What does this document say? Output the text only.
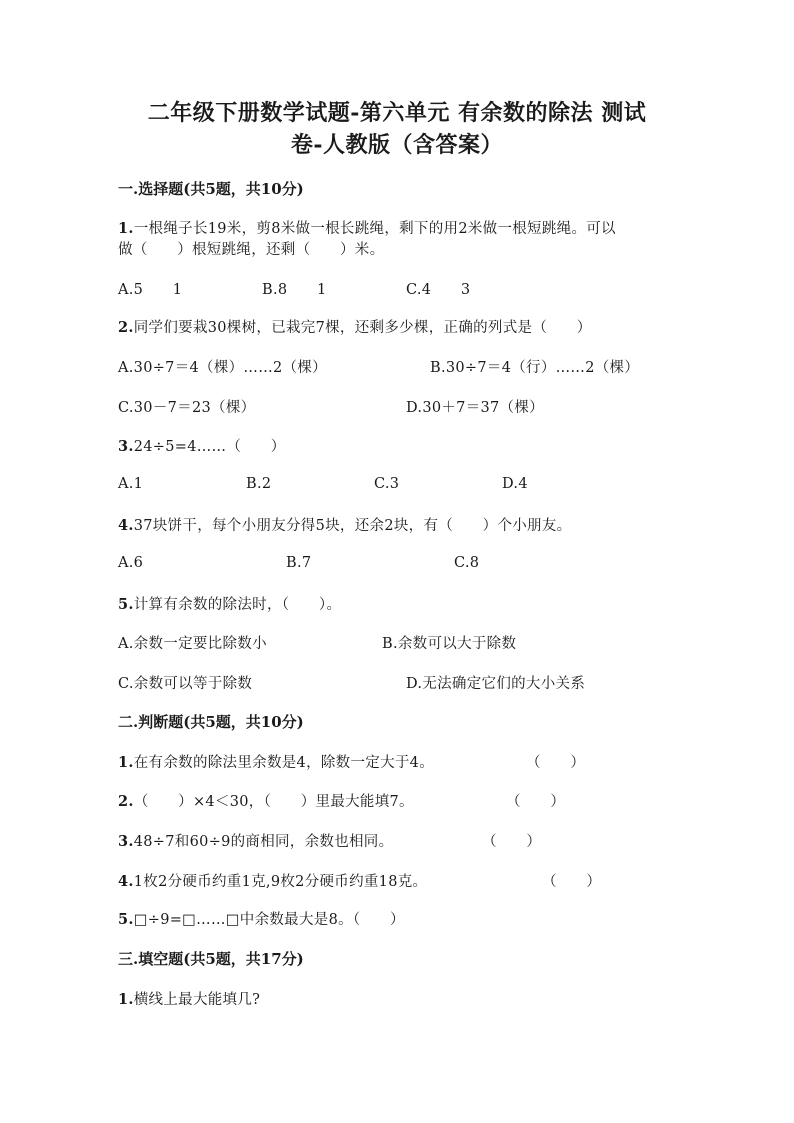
二年级下册数学试题-第六单元 有余数的除法 测试
卷-人教版（含答案）
一.选择题(共5题，共10分)
1.一根绳子长19米，剪8米做一根长跳绳，剩下的用2米做一根短跳绳。可以
做（　　）根短跳绳，还剩（　　）米。
A.5　　1	B.8　　1	C.4　　3
2.同学们要栽30棵树，已栽完7棵，还剩多少棵，正确的列式是（　　）
A.30÷7＝4（棵）……2（棵）	B.30÷7＝4（行）……2（棵）
C.30－7＝23（棵）	D.30＋7＝37（棵）
3.24÷5=4……（　　）
A.1	B.2	C.3	D.4
4.37块饼干，每个小朋友分得5块，还余2块，有（　　）个小朋友。
A.6	B.7	C.8
5.计算有余数的除法时，（　　）。
A.余数一定要比除数小	B.余数可以大于除数
C.余数可以等于除数	D.无法确定它们的大小关系
二.判断题(共5题，共10分)
1.在有余数的除法里余数是4，除数一定大于4。	（　　）
2.（　　）×4＜30，（　　）里最大能填7。	（　　）
3.48÷7和60÷9的商相同，余数也相同。	（　　）
4.1枚2分硬币约重1克,9枚2分硬币约重18克。	（　　）
5.□÷9=□……□中余数最大是8。（　　）
三.填空题(共5题，共17分)
1.横线上最大能填几?
